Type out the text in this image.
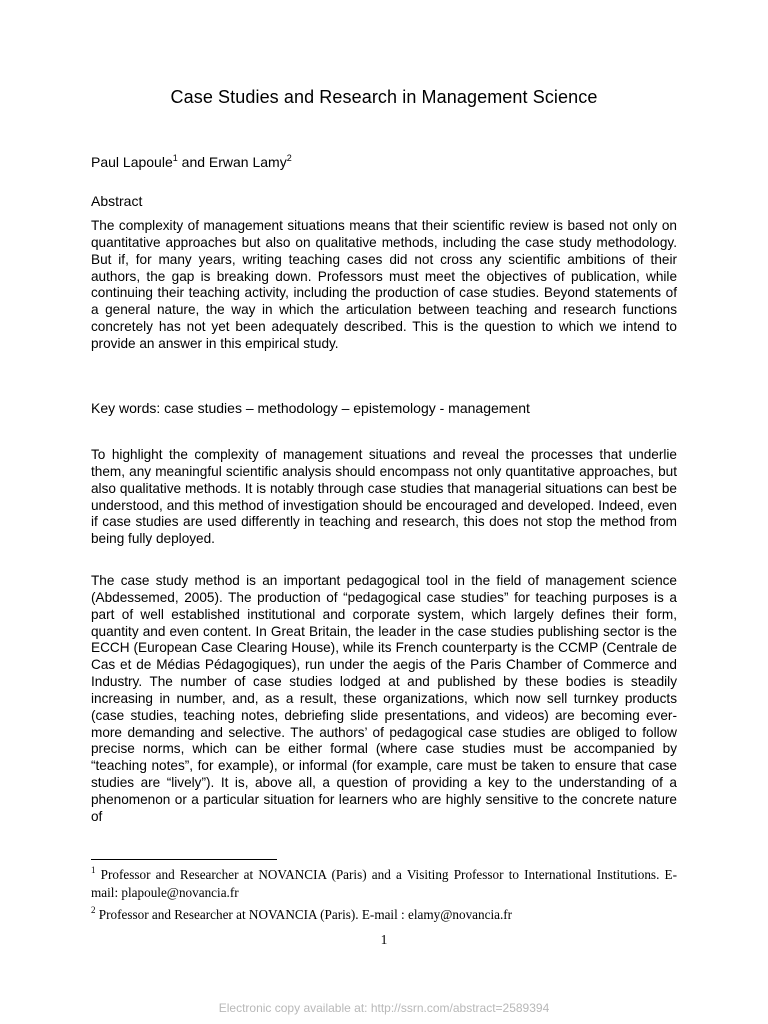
Case Studies and Research in Management Science

Paul Lapoule$^1$ and Erwan Lamy$^2$

Abstract

The complexity of management situations means that their scientific review is based not only on quantitative approaches but also on qualitative methods, including the case study methodology. But if, for many years, writing teaching cases did not cross any scientific ambitions of their authors, the gap is breaking down. Professors must meet the objectives of publication, while continuing their teaching activity, including the production of case studies. Beyond statements of a general nature, the way in which the articulation between teaching and research functions concretely has not yet been adequately described. This is the question to which we intend to provide an answer in this empirical study.

Key words: case studies – methodology – epistemology - management

To highlight the complexity of management situations and reveal the processes that underlie them, any meaningful scientific analysis should encompass not only quantitative approaches, but also qualitative methods. It is notably through case studies that managerial situations can best be understood, and this method of investigation should be encouraged and developed. Indeed, even if case studies are used differently in teaching and research, this does not stop the method from being fully deployed.

The case study method is an important pedagogical tool in the field of management science (Abdessemed, 2005). The production of “pedagogical case studies” for teaching purposes is a part of well established institutional and corporate system, which largely defines their form, quantity and even content. In Great Britain, the leader in the case studies publishing sector is the ECCH (European Case Clearing House), while its French counterparty is the CCMP (Centrale de Cas et de Médias Pédagogiques), run under the aegis of the Paris Chamber of Commerce and Industry. The number of case studies lodged at and published by these bodies is steadily increasing in number, and, as a result, these organizations, which now sell turnkey products (case studies, teaching notes, debriefing slide presentations, and videos) are becoming ever-more demanding and selective. The authors’ of pedagogical case studies are obliged to follow precise norms, which can be either formal (where case studies must be accompanied by “teaching notes”, for example), or informal (for example, care must be taken to ensure that case studies are “lively”). It is, above all, a question of providing a key to the understanding of a phenomenon or a particular situation for learners who are highly sensitive to the concrete nature of

$^1$ Professor and Researcher at NOVANCIA (Paris) and a Visiting Professor to International Institutions. E-mail: plapoule@novancia.fr

$^2$ Professor and Researcher at NOVANCIA (Paris). E-mail : elamy@novancia.fr

1

Electronic copy available at: http://ssrn.com/abstract=2589394
